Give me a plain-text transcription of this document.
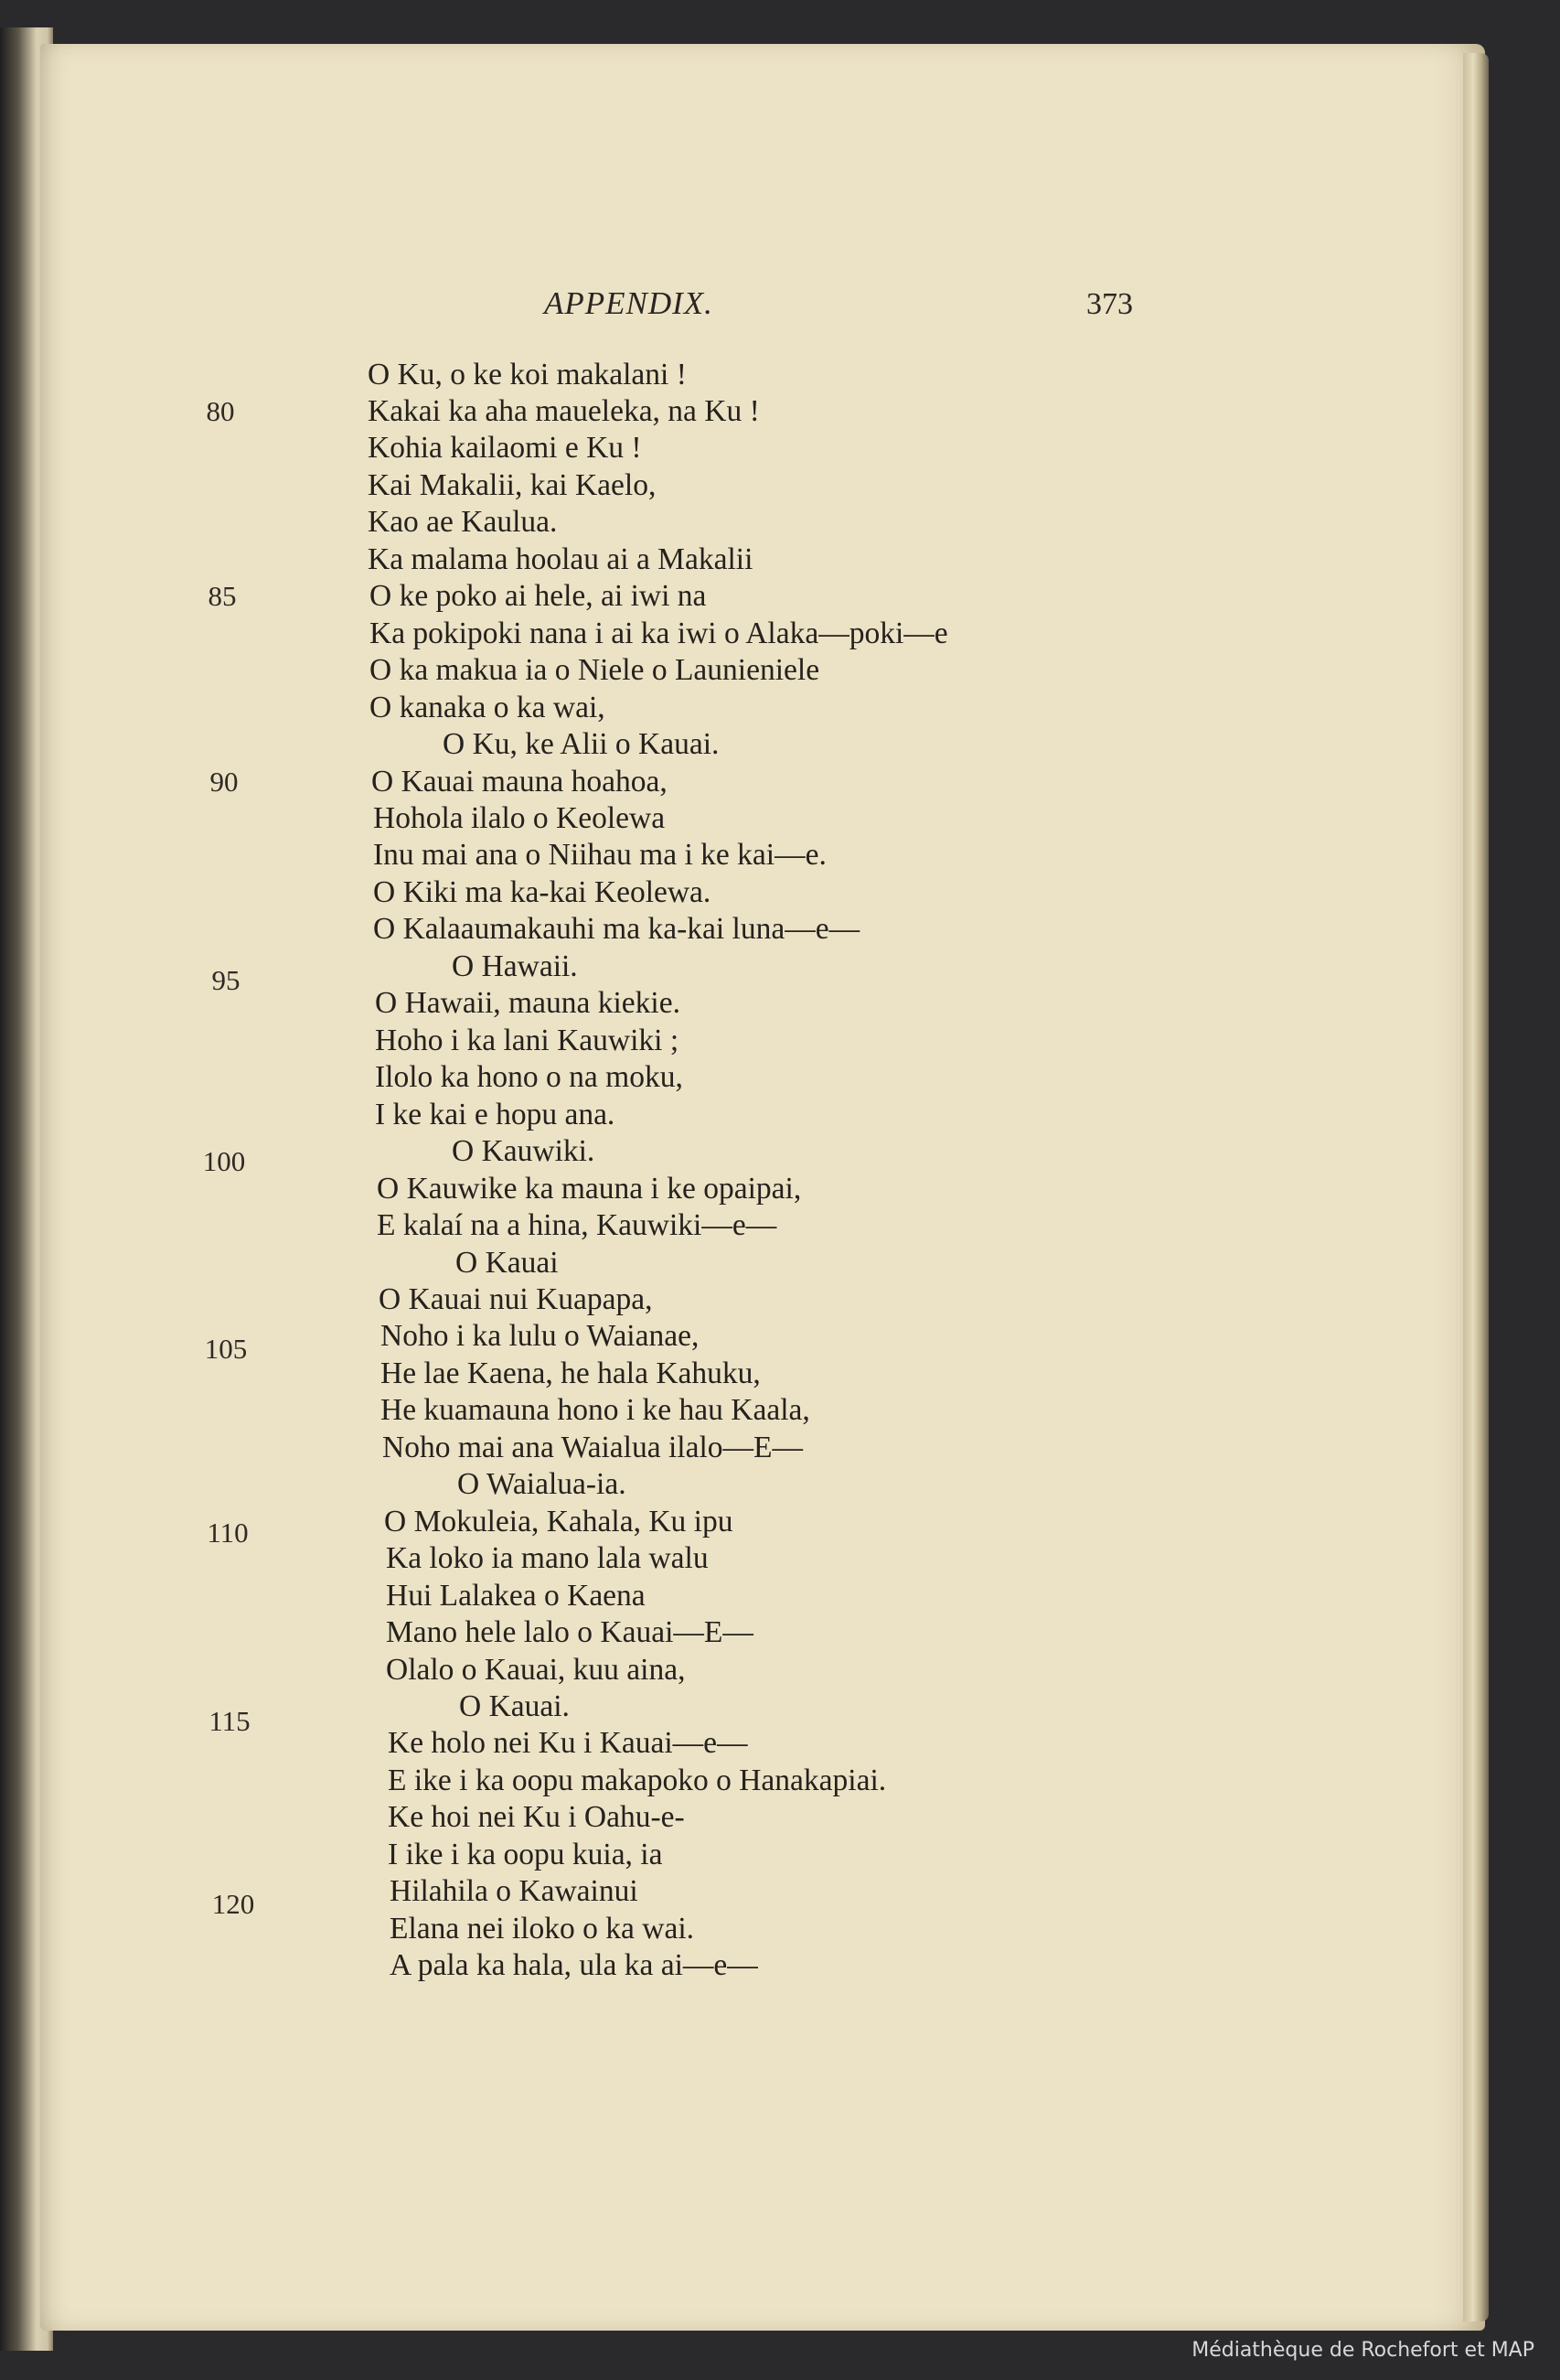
APPENDIX.	373
O Ku, o ke koi makalani !
Kakai ka aha maueleka, na Ku !
Kohia kailaomi e Ku !
Kai Makalii, kai Kaelo,
Kao ae Kaulua.
Ka malama hoolau ai a Makalii
O ke poko ai hele, ai iwi na
Ka pokipoki nana i ai ka iwi o Alaka—poki—e
O ka makua ia o Niele o Launieniele
O kanaka o ka wai,
O Ku, ke Alii o Kauai.
O Kauai mauna hoahoa,
Hohola ilalo o Keolewa
Inu mai ana o Niihau ma i ke kai—e.
O Kiki ma ka-kai Keolewa.
O Kalaaumakauhi ma ka-kai luna—e—
O Hawaii.
O Hawaii, mauna kiekie.
Hoho i ka lani Kauwiki ;
Ilolo ka hono o na moku,
I ke kai e hopu ana.
O Kauwiki.
O Kauwike ka mauna i ke opaipai,
E kalaí na a hina, Kauwiki—e—
O Kauai
O Kauai nui Kuapapa,
Noho i ka lulu o Waianae,
He lae Kaena, he hala Kahuku,
He kuamauna hono i ke hau Kaala,
Noho mai ana Waialua ilalo—E—
O Waialua-ia.
O Mokuleia, Kahala, Ku ipu
Ka loko ia mano lala walu
Hui Lalakea o Kaena
Mano hele lalo o Kauai—E—
Olalo o Kauai, kuu aina,
O Kauai.
Ke holo nei Ku i Kauai—e—
E ike i ka oopu makapoko o Hanakapiai.
Ke hoi nei Ku i Oahu-e-
I ike i ka oopu kuia, ia
Hilahila o Kawainui
Elana nei iloko o ka wai.
A pala ka hala, ula ka ai—e—
80
85
90
95
100
105
110
115
120
Médiathèque de Rochefort et MAP
